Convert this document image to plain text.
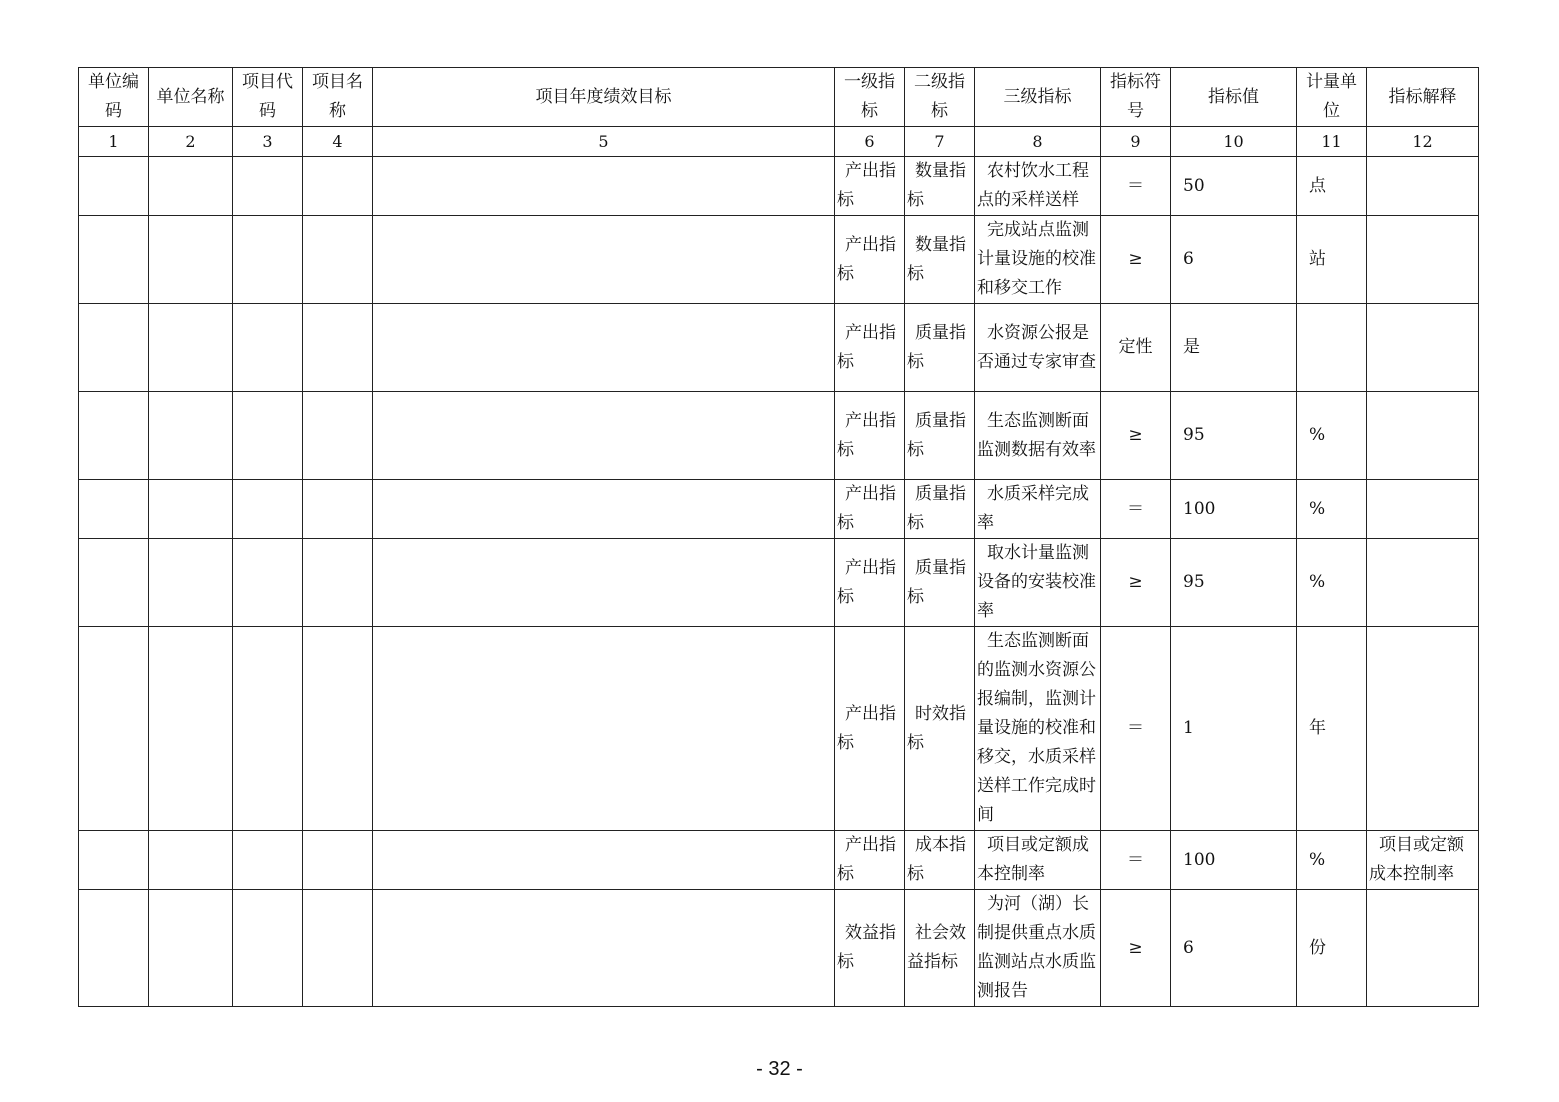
单位编码	单位名称	项目代码	项目名称	项目年度绩效目标	一级指标	二级指标	三级指标	指标符号	指标值	计量单位	指标解释
1	2	3	4	5	6	7	8	9	10	11	12
					产出指标	数量指标	农村饮水工程点的采样送样	＝	50	点	
					产出指标	数量指标	完成站点监测计量设施的校准和移交工作	≥	6	站	
					产出指标	质量指标	水资源公报是否通过专家审查	定性	是		
					产出指标	质量指标	生态监测断面监测数据有效率	≥	95	%	
					产出指标	质量指标	水质采样完成率	＝	100	%	
					产出指标	质量指标	取水计量监测设备的安装校准率	≥	95	%	
					产出指标	时效指标	生态监测断面的监测水资源公报编制，监测计量设施的校准和移交，水质采样送样工作完成时间	＝	1	年	
					产出指标	成本指标	项目或定额成本控制率	＝	100	%	项目或定额成本控制率
					效益指标	社会效益指标	为河（湖）长制提供重点水质监测站点水质监测报告	≥	6	份	
- 32 -
